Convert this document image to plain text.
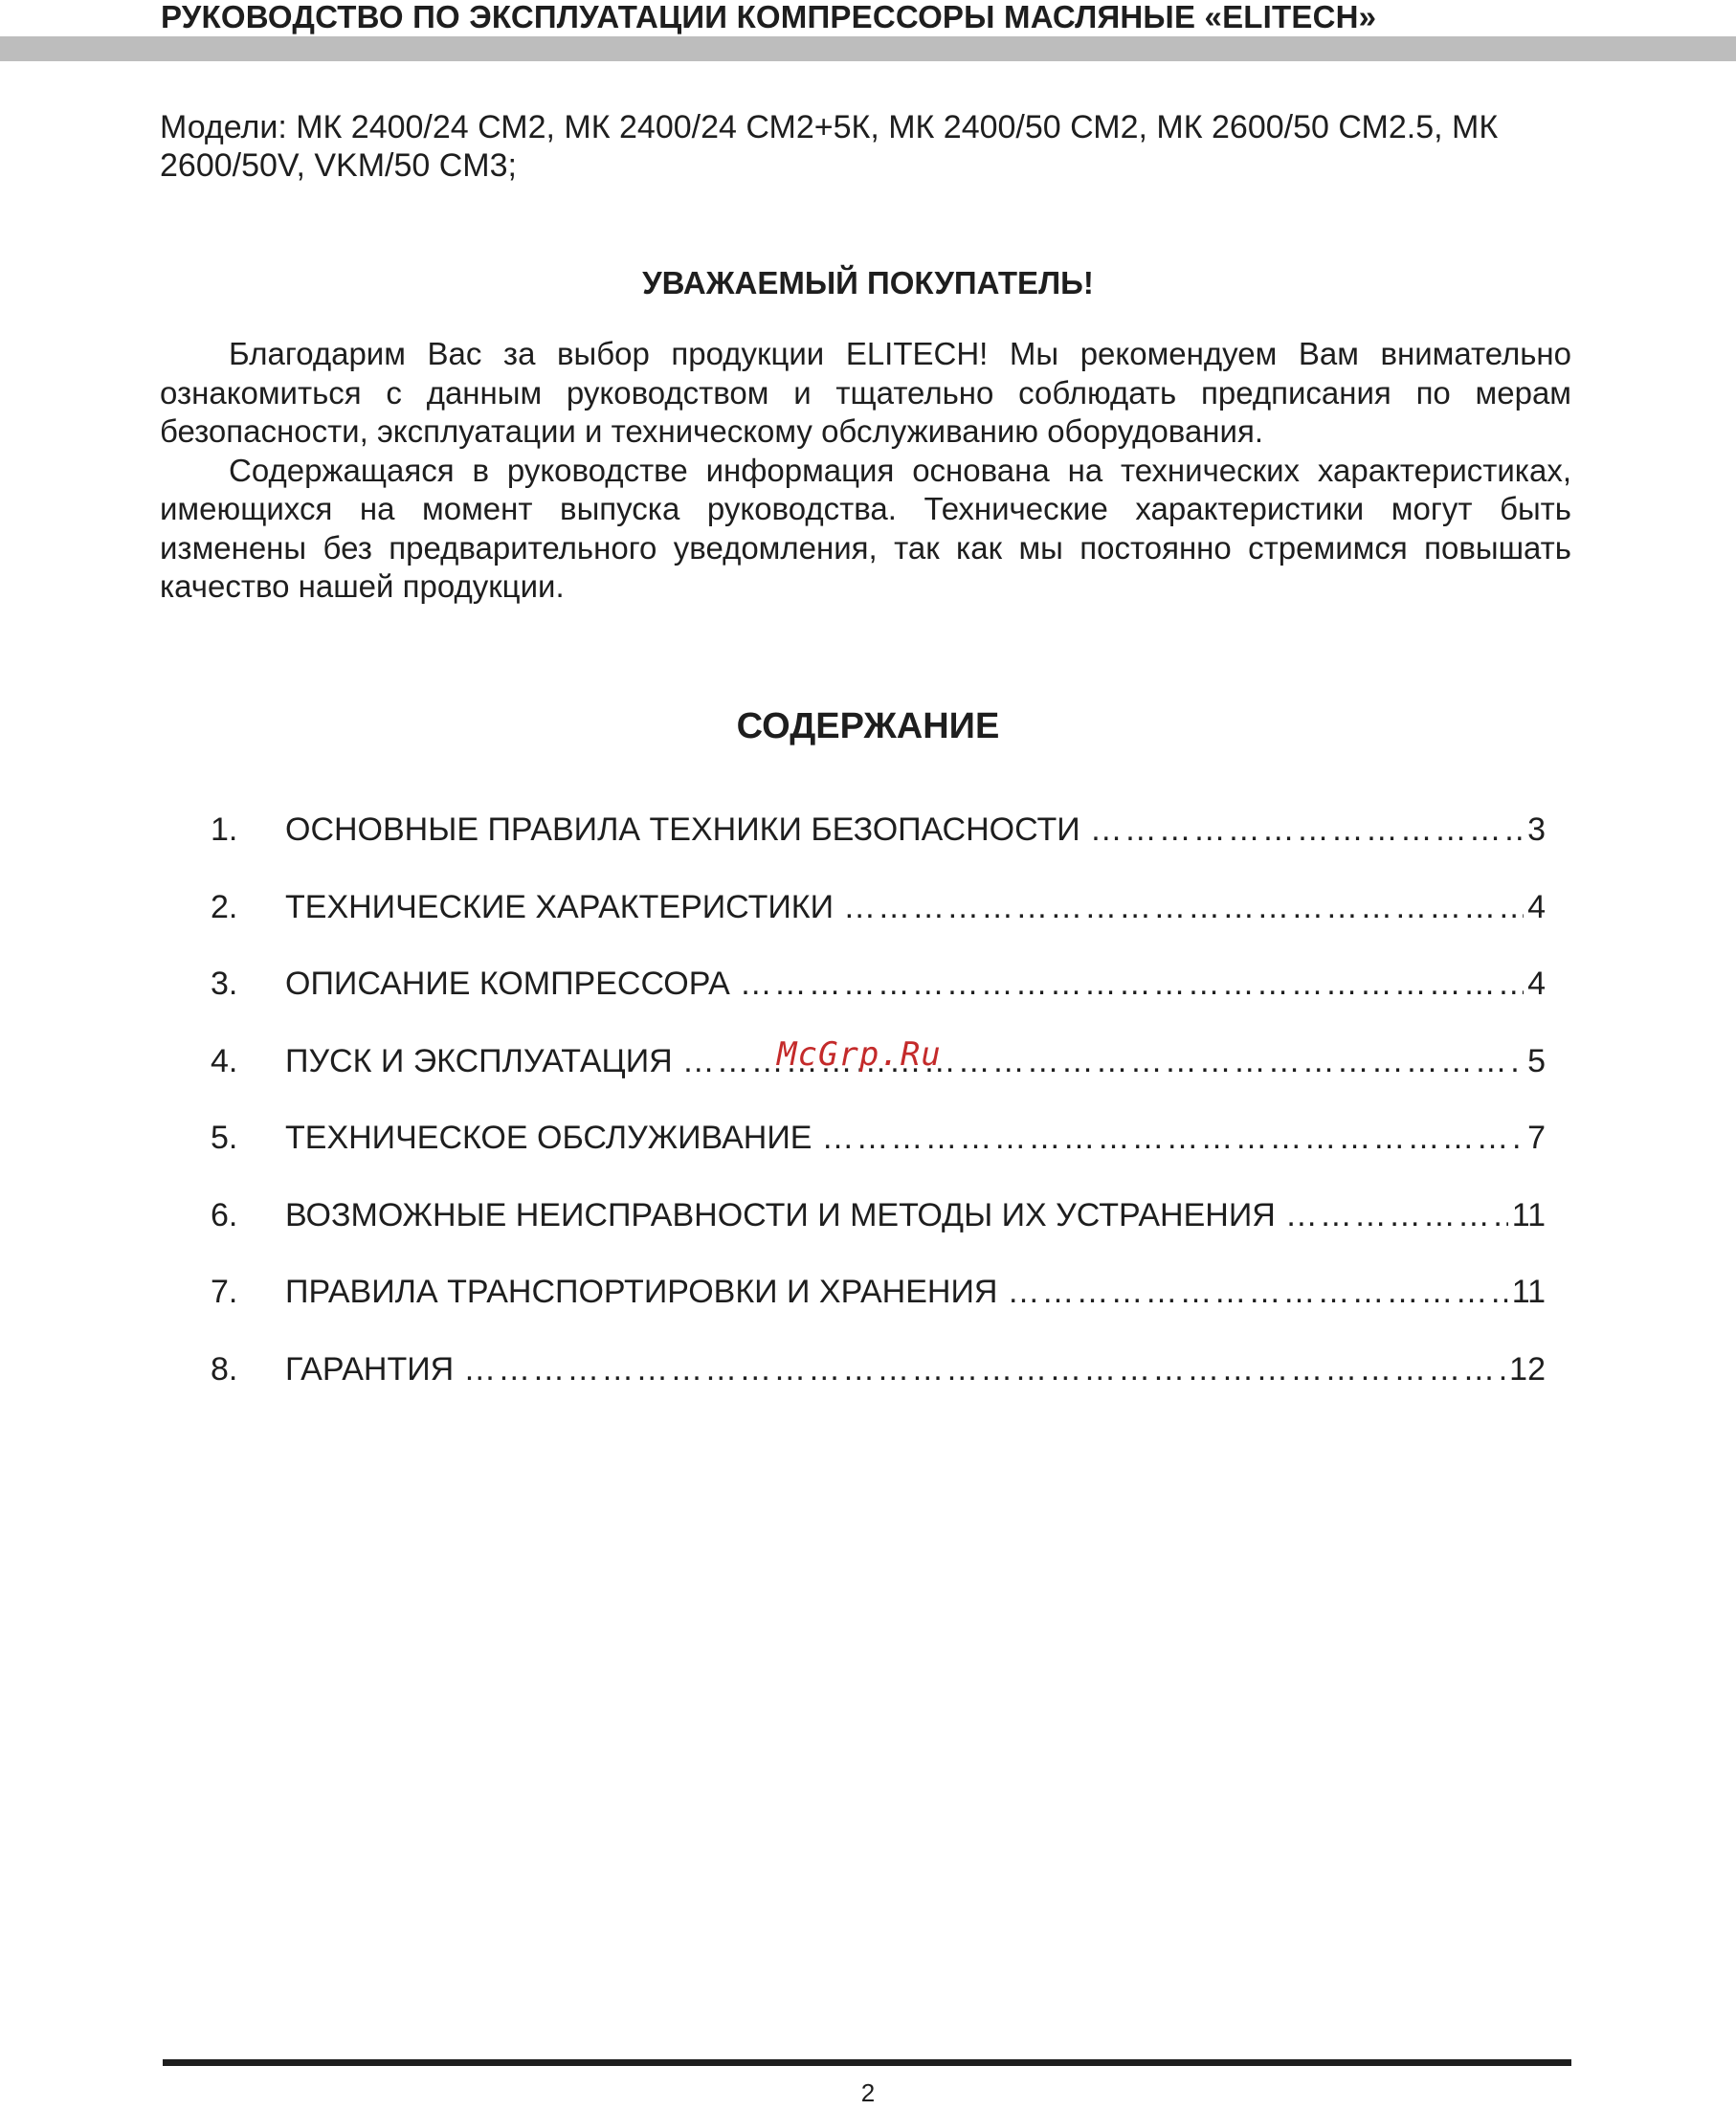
РУКОВОДСТВО ПО ЭКСПЛУАТАЦИИ КОМПРЕССОРЫ МАСЛЯНЫЕ «ELITECH»
Модели: МК 2400/24 СМ2, МК 2400/24 СМ2+5К, МК 2400/50 СМ2, МК 2600/50 СМ2.5, МК 2600/50V, VKM/50 CM3;
УВАЖАЕМЫЙ ПОКУПАТЕЛЬ!

Благодарим Вас за выбор продукции ELITECH! Мы рекомендуем Вам внимательно ознакомиться с данным руководством и тщательно соблюдать предписания по мерам безопасности, эксплуатации и техническому обслуживанию оборудования.

Содержащаяся в руководстве информация основана на технических характеристиках, имеющихся на момент выпуска руководства. Технические характеристики могут быть изменены без предварительного уведомления, так как мы постоянно стремимся повышать качество нашей продукции.

СОДЕРЖАНИЕ
1.	ОСНОВНЫЕ ПРАВИЛА ТЕХНИКИ БЕЗОПАСНОСТИ ……………………………………………………………………………………………………………………………………	3
2.	ТЕХНИЧЕСКИЕ ХАРАКТЕРИСТИКИ ……………………………………………………………………………………………………………………………………	4
3.	ОПИСАНИЕ КОМПРЕССОРА ……………………………………………………………………………………………………………………………………	4
4.	ПУСК И ЭКСПЛУАТАЦИЯ ……………………………………………………………………………………………………………………………………	5
5.	ТЕХНИЧЕСКОЕ ОБСЛУЖИВАНИЕ ……………………………………………………………………………………………………………………………………	7
6.	ВОЗМОЖНЫЕ НЕИСПРАВНОСТИ И МЕТОДЫ ИХ УСТРАНЕНИЯ ……………………………………………………………………………………………………………………………………	11
7.	ПРАВИЛА ТРАНСПОРТИРОВКИ И ХРАНЕНИЯ ……………………………………………………………………………………………………………………………………	11
8.	ГАРАНТИЯ ……………………………………………………………………………………………………………………………………	12
McGrp.Ru
2
